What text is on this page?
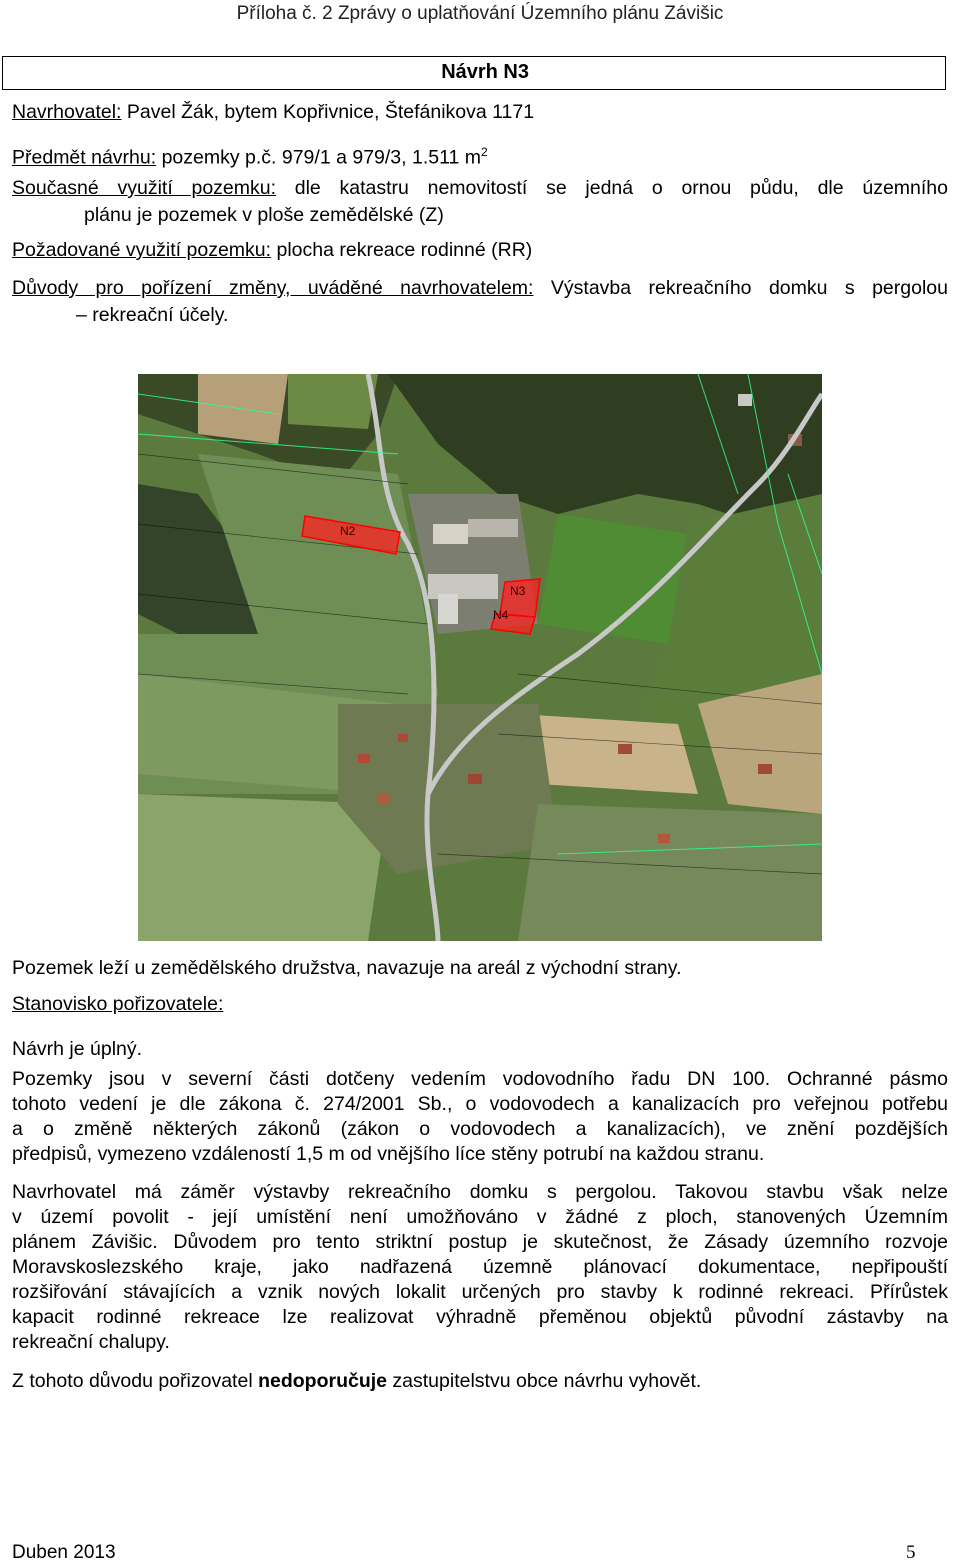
Příloha č. 2 Zprávy o uplatňování Územního plánu Závišic
Návrh N3
Navrhovatel: Pavel Žák, bytem Kopřivnice, Štefánikova 1171
Předmět návrhu: pozemky p.č. 979/1 a 979/3, 1.511 $m^2$
Současné využití pozemku: dle katastru nemovitostí se jedná o ornou půdu, dle územního
plánu je pozemek v ploše zemědělské (Z)
Požadované využití pozemku: plocha rekreace rodinné (RR)
Důvody pro pořízení změny, uváděné navrhovatelem: Výstavba rekreačního domku s pergolou
– rekreační účely.
N2
N3
N4
Pozemek leží u zemědělského družstva, navazuje na areál z východní strany.
Stanovisko pořizovatele:
Návrh je úplný.
Pozemky jsou v severní části dotčeny vedením vodovodního řadu DN 100. Ochranné pásmo
tohoto vedení je dle zákona č. 274/2001 Sb., o vodovodech a kanalizacích pro veřejnou potřebu
a o změně některých zákonů (zákon o vodovodech a kanalizacích), ve znění pozdějších
předpisů, vymezeno vzdáleností 1,5 m od vnějšího líce stěny potrubí na každou stranu.
Navrhovatel má záměr výstavby rekreačního domku s pergolou. Takovou stavbu však nelze
v území povolit - její umístění není umožňováno v žádné z ploch, stanovených Územním
plánem Závišic. Důvodem pro tento striktní postup je skutečnost, že Zásady územního rozvoje
Moravskoslezského kraje, jako nadřazená územně plánovací dokumentace, nepřipouští
rozšiřování stávajících a vznik nových lokalit určených pro stavby k rodinné rekreaci. Přírůstek
kapacit rodinné rekreace lze realizovat výhradně přeměnou objektů původní zástavby na
rekreační chalupy.
Z tohoto důvodu pořizovatel nedoporučuje zastupitelstvu obce návrhu vyhovět.
Duben 2013	5
